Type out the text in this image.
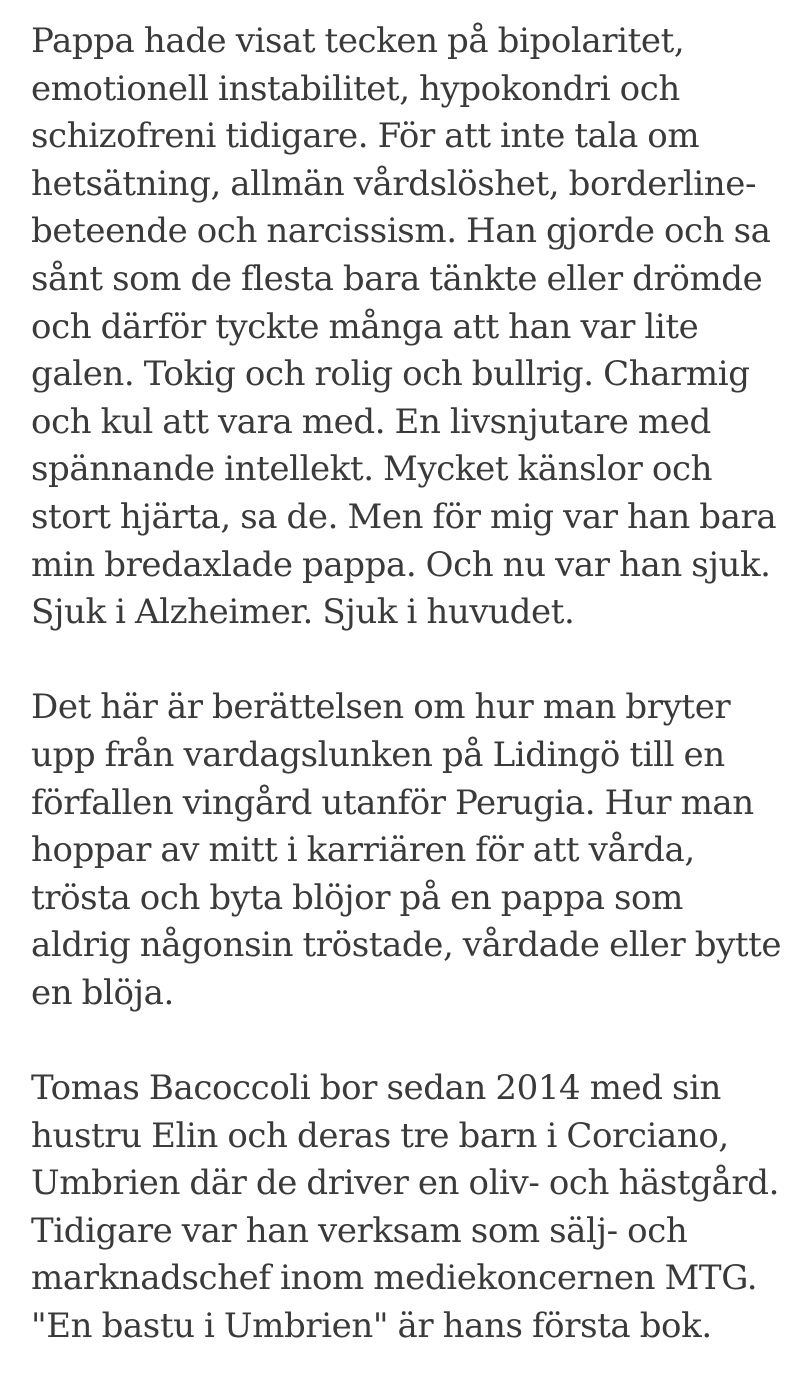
Pappa hade visat tecken på bipolaritet,
emotionell instabilitet, hypokondri och
schizofreni tidigare. För att inte tala om
hetsätning, allmän vårdslöshet, borderline-
beteende och narcissism. Han gjorde och sa
sånt som de flesta bara tänkte eller drömde
och därför tyckte många att han var lite
galen. Tokig och rolig och bullrig. Charmig
och kul att vara med. En livsnjutare med
spännande intellekt. Mycket känslor och
stort hjärta, sa de. Men för mig var han bara
min bredaxlade pappa. Och nu var han sjuk.
Sjuk i Alzheimer. Sjuk i huvudet.

Det här är berättelsen om hur man bryter
upp från vardagslunken på Lidingö till en
förfallen vingård utanför Perugia. Hur man
hoppar av mitt i karriären för att vårda,
trösta och byta blöjor på en pappa som
aldrig någonsin tröstade, vårdade eller bytte
en blöja.

Tomas Bacoccoli bor sedan 2014 med sin
hustru Elin och deras tre barn i Corciano,
Umbrien där de driver en oliv- och hästgård.
Tidigare var han verksam som sälj- och
marknadschef inom mediekoncernen MTG.
"En bastu i Umbrien" är hans första bok.
